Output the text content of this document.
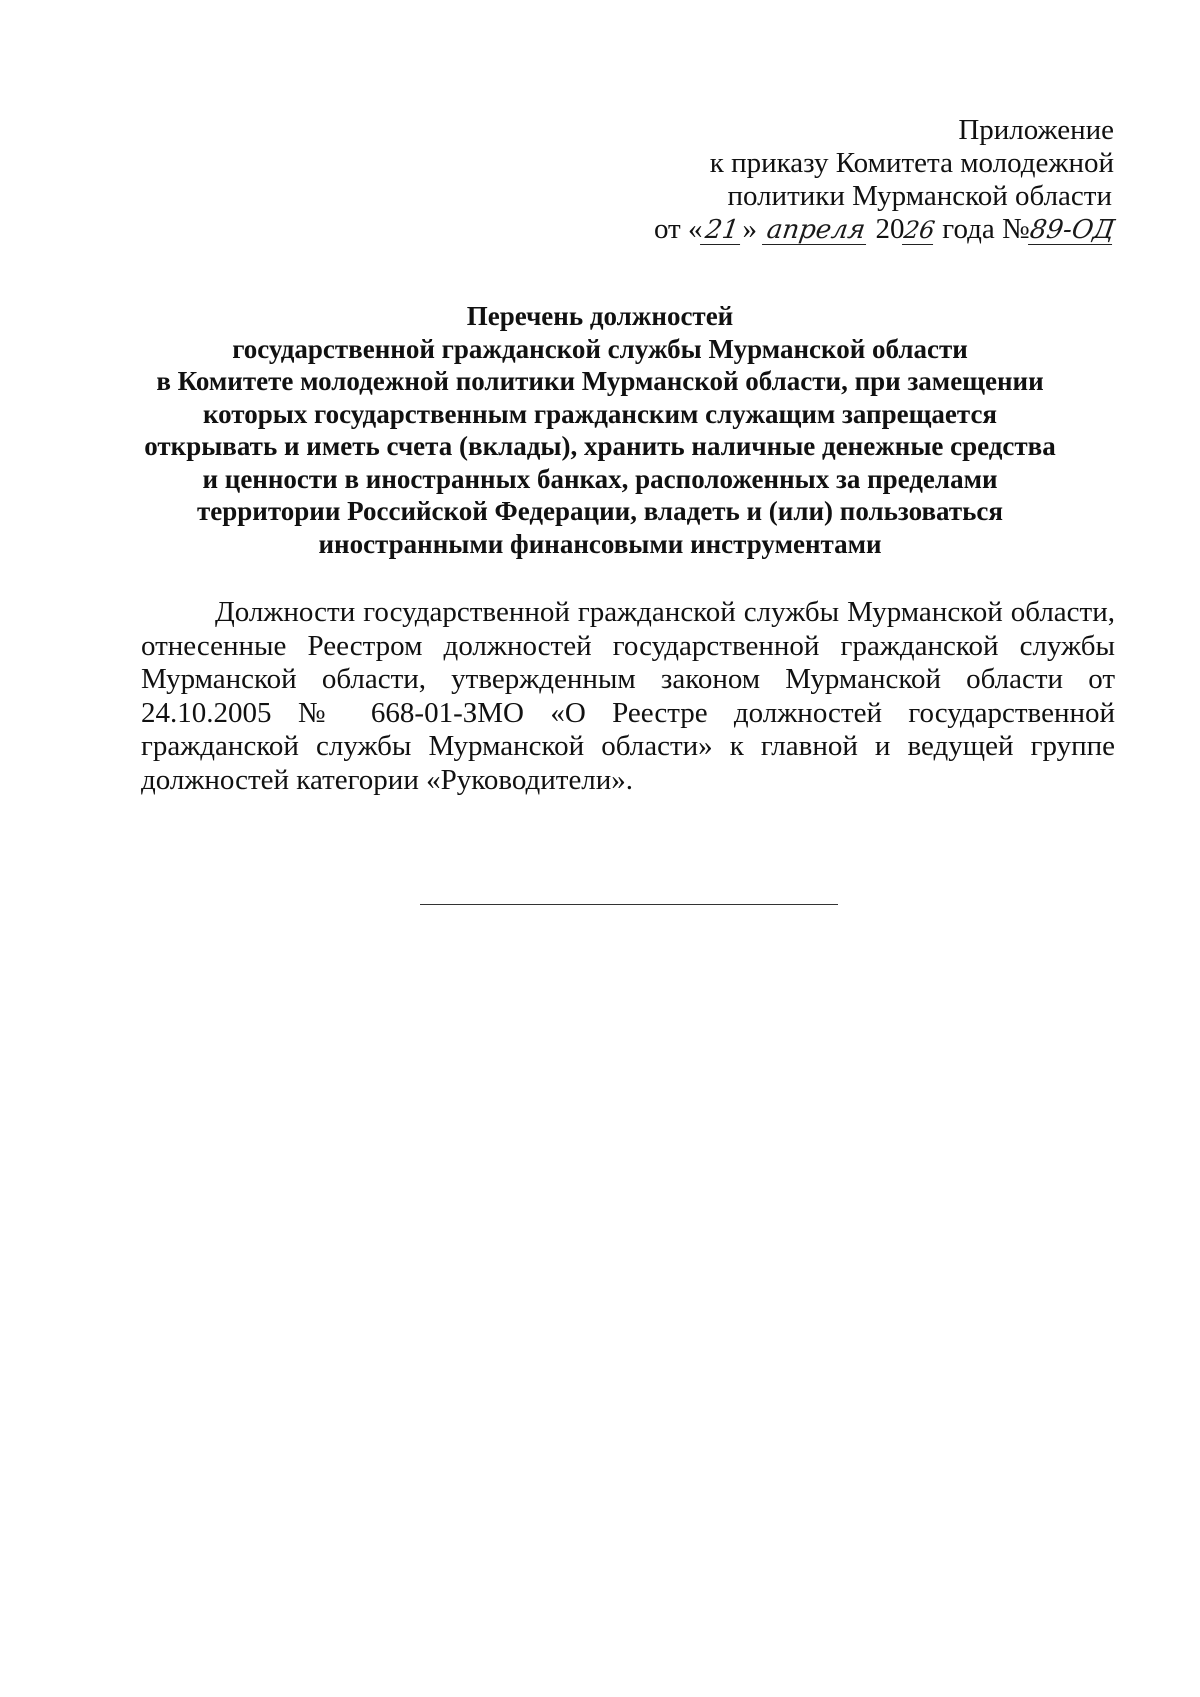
Приложение
к приказу Комитета молодежной
политики Мурманской области
от «21» апреля 2026 года №89-ОД
Перечень должностей
государственной гражданской службы Мурманской области
в Комитете молодежной политики Мурманской области, при замещении
которых государственным гражданским служащим запрещается
открывать и иметь счета (вклады), хранить наличные денежные средства
и ценности в иностранных банках, расположенных за пределами
территории Российской Федерации, владеть и (или) пользоваться
иностранными финансовыми инструментами
Должности государственной гражданской службы Мурманской области,
отнесенные Реестром должностей государственной гражданской службы
Мурманской области, утвержденным законом Мурманской области от
24.10.2005 № 668-01-ЗМО «О Реестре должностей государственной
гражданской службы Мурманской области» к главной и ведущей группе
должностей категории «Руководители».
